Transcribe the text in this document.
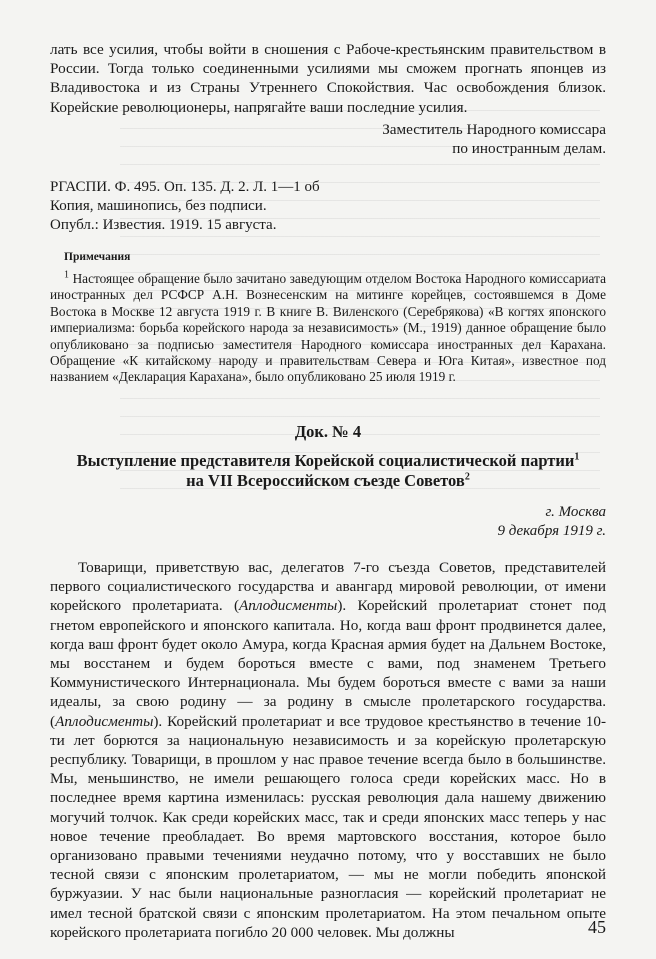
лать все усилия, чтобы войти в сношения с Рабоче-крестьянским правительством в России. Тогда только соединенными усилиями мы сможем прогнать японцев из Владивостока и из Страны Утреннего Спокойствия. Час освобождения близок. Корейские революционеры, напрягайте ваши последние усилия.

Заместитель Народного комиссара

по иностранным делам.

РГАСПИ. Ф. 495. Оп. 135. Д. 2. Л. 1—1 об

Копия, машинопись, без подписи.

Опубл.: Известия. 1919. 15 августа.

Примечания

$^1$ Настоящее обращение было зачитано заведующим отделом Востока Народного комиссариата иностранных дел РСФСР А.Н. Вознесенским на митинге корейцев, состоявшемся в Доме Востока в Москве 12 августа 1919 г. В книге В. Виленского (Серебрякова) «В когтях японского империализма: борьба корейского народа за независимость» (М., 1919) данное обращение было опубликовано за подписью заместителя Народного комиссара иностранных дел Карахана. Обращение «К китайскому народу и правительствам Севера и Юга Китая», известное под названием «Декларация Карахана», было опубликовано 25 июля 1919 г.

Док. № 4

Выступление представителя Корейской социалистической партии$^1$
на VII Всероссийском съезде Советов$^2$

г. Москва

9 декабря 1919 г.

Товарищи, приветствую вас, делегатов 7-го съезда Советов, представителей первого социалистического государства и авангард мировой революции, от имени корейского пролетариата. (Аплодисменты). Корейский пролетариат стонет под гнетом европейского и японского капитала. Но, когда ваш фронт продвинется далее, когда ваш фронт будет около Амура, когда Красная армия будет на Дальнем Востоке, мы восстанем и будем бороться вместе с вами, под знаменем Третьего Коммунистического Интернационала. Мы будем бороться вместе с вами за наши идеалы, за свою родину — за родину в смысле пролетарского государства. (Аплодисменты). Корейский пролетариат и все трудовое крестьянство в течение 10-ти лет борются за национальную независимость и за корейскую пролетарскую республику. Товарищи, в прошлом у нас правое течение всегда было в большинстве. Мы, меньшинство, не имели решающего голоса среди корейских масс. Но в последнее время картина изменилась: русская революция дала нашему движению могучий толчок. Как среди корейских масс, так и среди японских масс теперь у нас новое течение преобладает. Во время мартовского восстания, которое было организовано правыми течениями неудачно потому, что у восставших не было тесной связи с японским пролетариатом, — мы не могли победить японской буржуазии. У нас были национальные разногласия — корейский пролетариат не имел тесной братской связи с японским пролетариатом. На этом печальном опыте корейского пролетариата погибло 20 000 человек. Мы должны	45
